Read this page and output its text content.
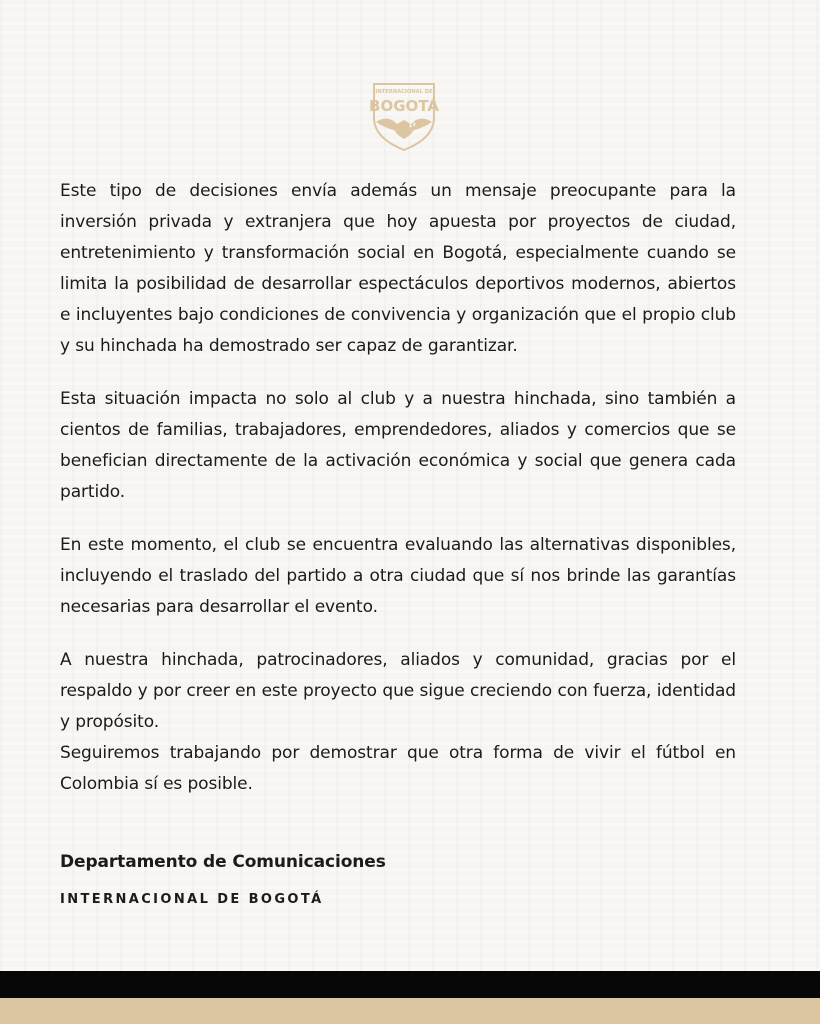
INTERNACIONAL DE
BOGOTÁ
1ª

Este tipo de decisiones envía además un mensaje preocupante para la inversión privada y extranjera que hoy apuesta por proyectos de ciudad, entretenimiento y transformación social en Bogotá, especialmente cuando se limita la posibilidad de desarrollar espectáculos deportivos modernos, abiertos e incluyentes bajo condiciones de convivencia y organización que el propio club y su hinchada ha demostrado ser capaz de garantizar.

Esta situación impacta no solo al club y a nuestra hinchada, sino también a cientos de familias, trabajadores, emprendedores, aliados y comercios que se benefician directamente de la activación económica y social que genera cada partido.

En este momento, el club se encuentra evaluando las alternativas disponibles, incluyendo el traslado del partido a otra ciudad que sí nos brinde las garantías necesarias para desarrollar el evento.

A nuestra hinchada, patrocinadores, aliados y comunidad, gracias por el respaldo y por creer en este proyecto que sigue creciendo con fuerza, identidad y propósito.

Seguiremos trabajando por demostrar que otra forma de vivir el fútbol en Colombia sí es posible.

Departamento de Comunicaciones

INTERNACIONAL DE BOGOTÁ
